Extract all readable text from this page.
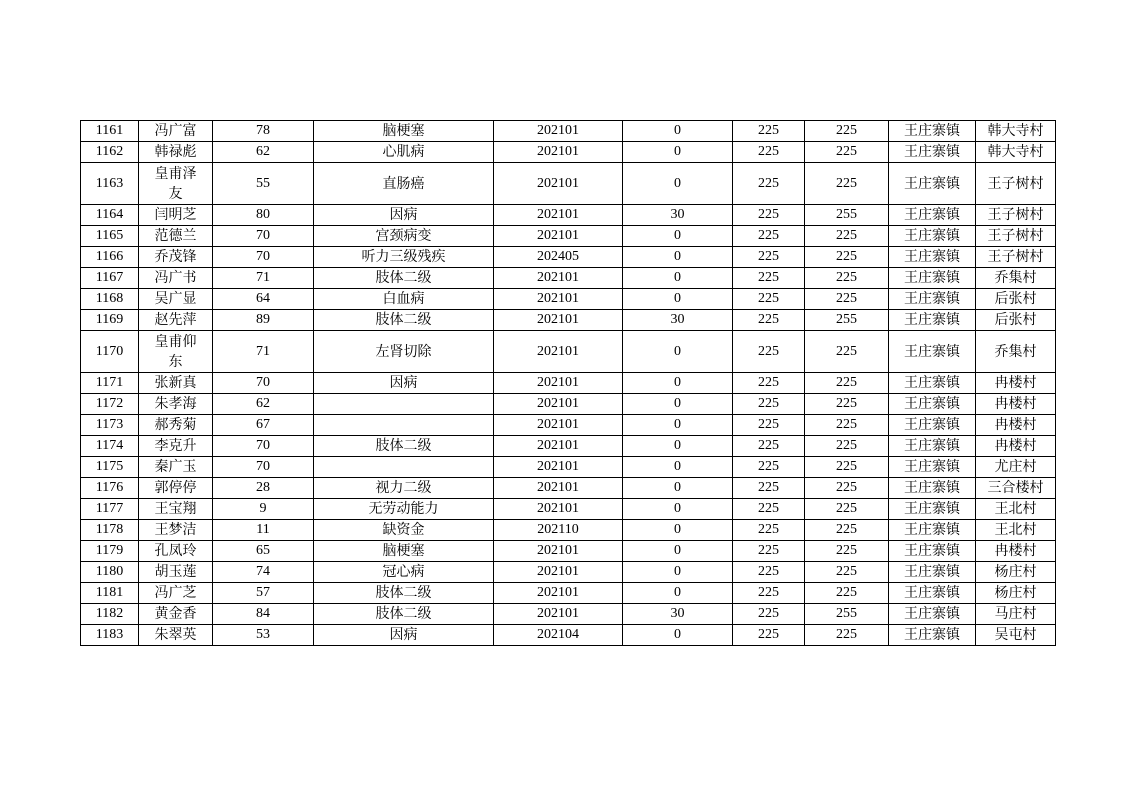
1161	冯广富	78	脑梗塞	202101	0	225	225	王庄寨镇	韩大寺村
1162	韩禄彪	62	心肌病	202101	0	225	225	王庄寨镇	韩大寺村
1163	皇甫泽友	55	直肠癌	202101	0	225	225	王庄寨镇	王子树村
1164	闫明芝	80	因病	202101	30	225	255	王庄寨镇	王子树村
1165	范德兰	70	宫颈病变	202101	0	225	225	王庄寨镇	王子树村
1166	乔茂锋	70	听力三级残疾	202405	0	225	225	王庄寨镇	王子树村
1167	冯广书	71	肢体二级	202101	0	225	225	王庄寨镇	乔集村
1168	吴广显	64	白血病	202101	0	225	225	王庄寨镇	后张村
1169	赵先萍	89	肢体二级	202101	30	225	255	王庄寨镇	后张村
1170	皇甫仰东	71	左肾切除	202101	0	225	225	王庄寨镇	乔集村
1171	张新真	70	因病	202101	0	225	225	王庄寨镇	冉楼村
1172	朱孝海	62		202101	0	225	225	王庄寨镇	冉楼村
1173	郝秀菊	67		202101	0	225	225	王庄寨镇	冉楼村
1174	李克升	70	肢体二级	202101	0	225	225	王庄寨镇	冉楼村
1175	秦广玉	70		202101	0	225	225	王庄寨镇	尤庄村
1176	郭停停	28	视力二级	202101	0	225	225	王庄寨镇	三合楼村
1177	王宝翔	9	无劳动能力	202101	0	225	225	王庄寨镇	王北村
1178	王梦洁	11	缺资金	202110	0	225	225	王庄寨镇	王北村
1179	孔凤玲	65	脑梗塞	202101	0	225	225	王庄寨镇	冉楼村
1180	胡玉莲	74	冠心病	202101	0	225	225	王庄寨镇	杨庄村
1181	冯广芝	57	肢体二级	202101	0	225	225	王庄寨镇	杨庄村
1182	黄金香	84	肢体二级	202101	30	225	255	王庄寨镇	马庄村
1183	朱翠英	53	因病	202104	0	225	225	王庄寨镇	吴屯村
